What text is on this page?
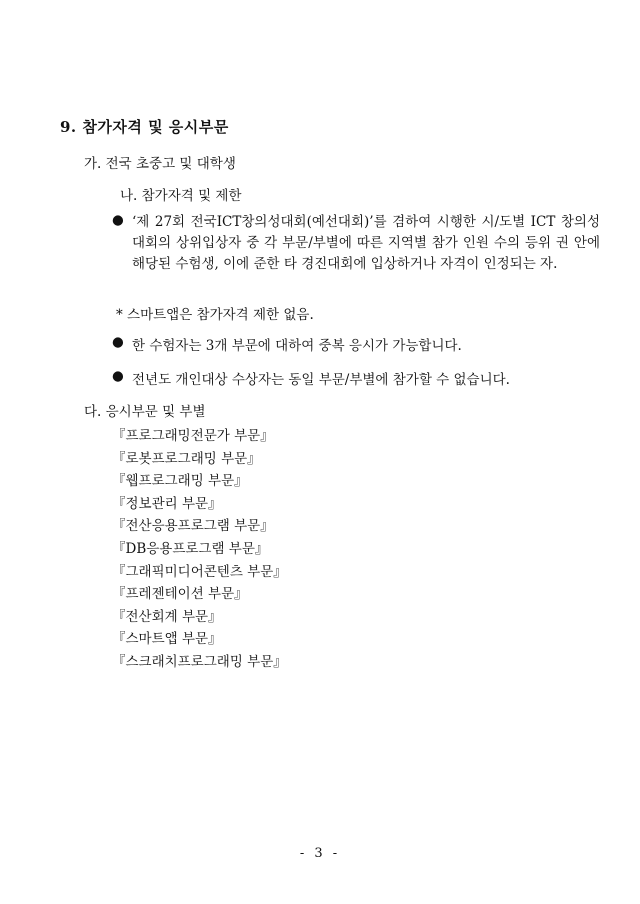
9. 참가자격 및 응시부문
가. 전국 초중고 및 대학생
나. 참가자격 및 제한
● ‘제 27회 전국ICT창의성대회(예선대회)’를 겸하여 시행한 시/도별 ICT 창의성대회의 상위입상자 중 각 부문/부별에 따른 지역별 참가 인원 수의 등위 권 안에 해당된 수험생, 이에 준한 타 경진대회에 입상하거나 자격이 인정되는 자.
* 스마트앱은 참가자격 제한 없음.
● 한 수험자는 3개 부문에 대하여 중복 응시가 가능합니다.
● 전년도 개인대상 수상자는 동일 부문/부별에 참가할 수 없습니다.
다. 응시부문 및 부별
『프로그래밍전문가 부문』
『로봇프로그래밍 부문』
『웹프로그래밍 부문』
『정보관리 부문』
『전산응용프로그램 부문』
『DB응용프로그램 부문』
『그래픽미디어콘텐츠 부문』
『프레젠테이션 부문』
『전산회계 부문』
『스마트앱 부문』
『스크래치프로그래밍 부문』
- 3 -
